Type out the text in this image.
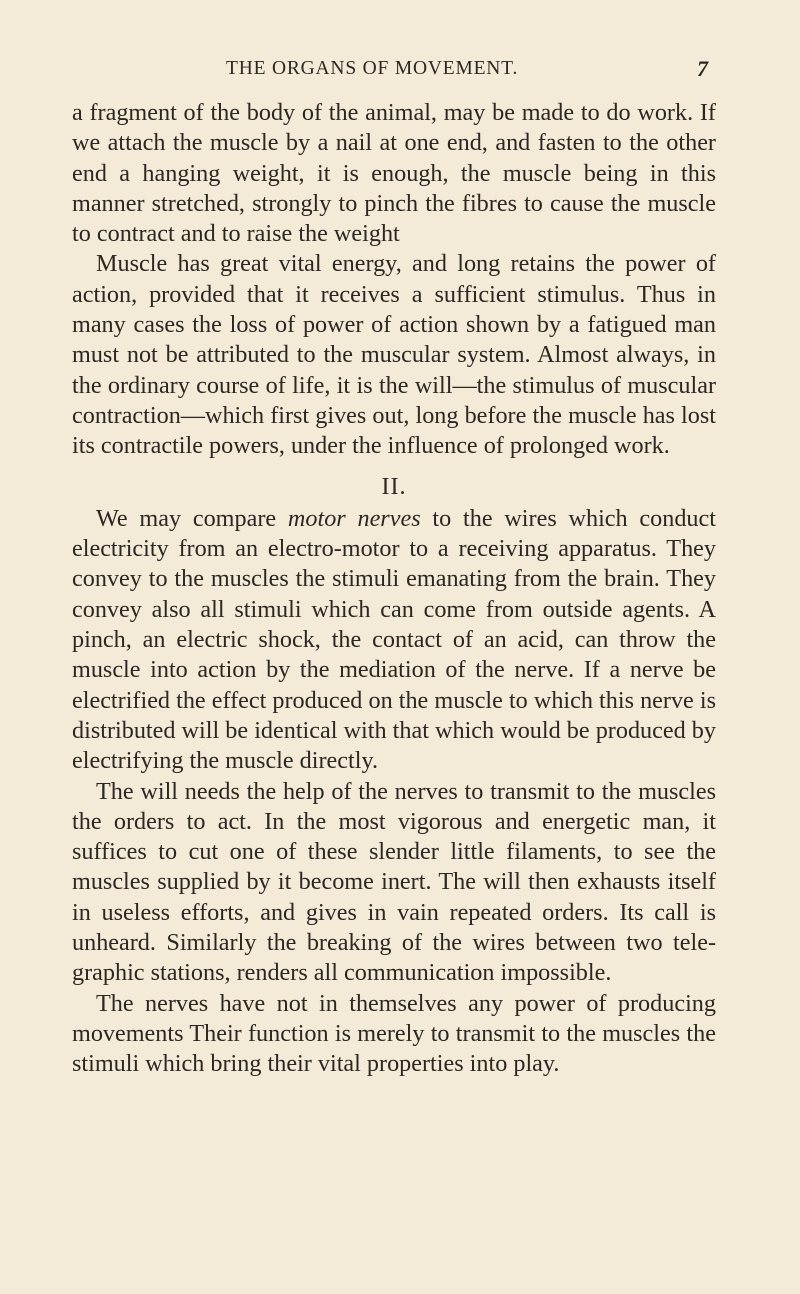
THE ORGANS OF MOVEMENT.	7

a fragment of the body of the animal, may be made to do work. If we attach the muscle by a nail at one end, and fasten to the other end a hanging weight, it is enough, the muscle being in this manner stretched, strongly to pinch the fibres to cause the muscle to contract and to raise the weight

Muscle has great vital energy, and long retains the power of action, provided that it receives a sufficient stimulus. Thus in many cases the loss of power of action shown by a fatigued man must not be attributed to the muscular system. Almost always, in the ordinary course of life, it is the will—the stimulus of muscular contraction—which first gives out, long before the muscle has lost its contractile powers, under the influence of prolonged work.

II.

We may compare motor nerves to the wires which conduct electricity from an electro-motor to a receiving apparatus. They convey to the muscles the stimuli emanating from the brain. They convey also all stimuli which can come from outside agents. A pinch, an electric shock, the contact of an acid, can throw the muscle into action by the mediation of the nerve. If a nerve be electrified the effect produced on the muscle to which this nerve is distributed will be identical with that which would be produced by electrifying the muscle directly.

The will needs the help of the nerves to transmit to the muscles the orders to act. In the most vigorous and energetic man, it suffices to cut one of these slender little filaments, to see the muscles supplied by it become inert. The will then exhausts itself in useless efforts, and gives in vain repeated orders. Its call is unheard. Similarly the breaking of the wires between two telegraphic stations, renders all communication impossible.

The nerves have not in themselves any power of producing movements Their function is merely to transmit to the muscles the stimuli which bring their vital properties into play.
